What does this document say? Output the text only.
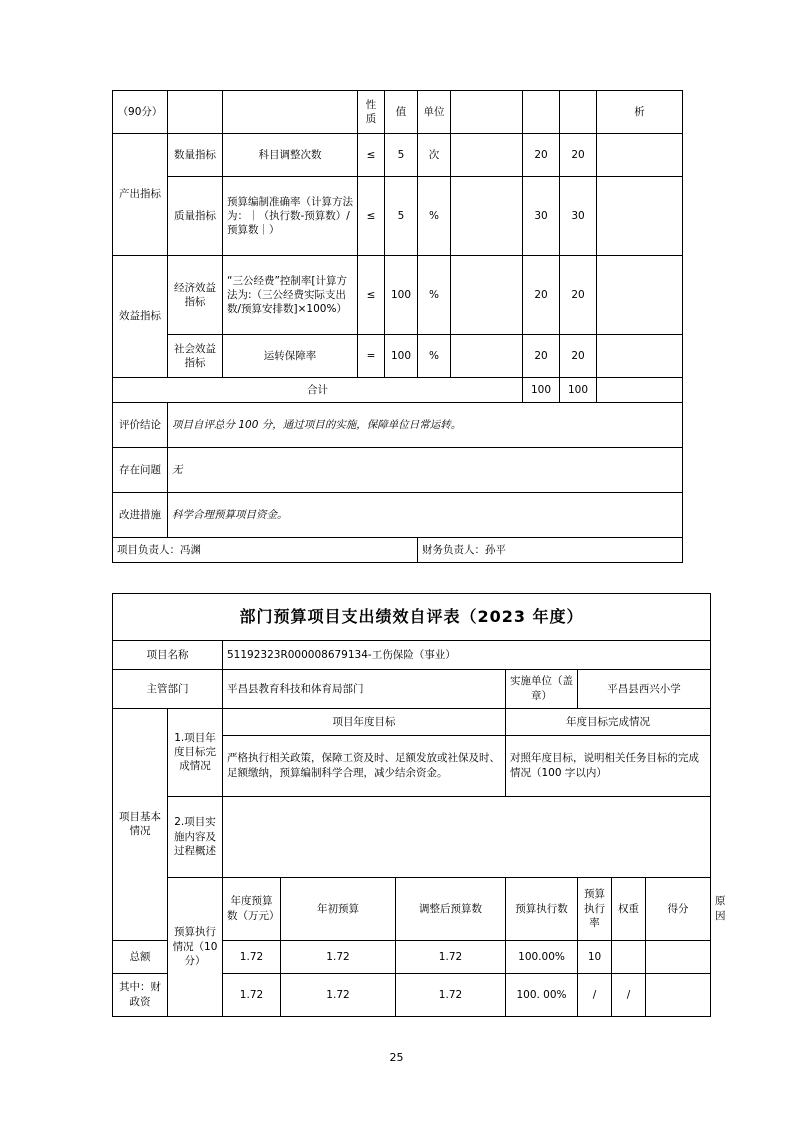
（90分）			性质	值	单位				析
产出指标	数量指标	科目调整次数	≤	5	次		20	20	
	质量指标	预算编制准确率（计算方法为：｜（执行数-预算数）/预算数｜）	≤	5	%		30	30	
效益指标	经济效益指标	“三公经费”控制率[计算方法为:（三公经费实际支出数/预算安排数]×100%）	≤	100	%		20	20	
	社会效益指标	运转保障率	=	100	%		20	20	
合计							100	100	
评价结论	项目自评总分 100 分，通过项目的实施，保障单位日常运转。								
存在问题	无								
改进措施	科学合理预算项目资金。								
项目负责人：冯渊					财务负责人：孙平				
部门预算项目支出绩效自评表（2023 年度）									
项目名称		51192323R000008679134-工伤保险（事业）							
主管部门		平昌县教育科技和体育局部门			实施单位（盖章）	平昌县西兴小学			
项目基本情况	1.项目年度目标完成情况	项目年度目标			年度目标完成情况				
		严格执行相关政策，保障工资及时、足额发放或社保及时、足额缴纳，预算编制科学合理，减少结余资金。			对照年度目标，说明相关任务目标的完成情况（100 字以内）				
	2.项目实施内容及过程概述								
	预算执行情况（10分）	年度预算数（万元）	年初预算	调整后预算数	预算执行数	预算执行率	权重	得分	原因
总额		1.72	1.72	1.72	100.00%	10			
其中：财政资		1.72	1.72	1.72	100. 00%	/	/		
25
